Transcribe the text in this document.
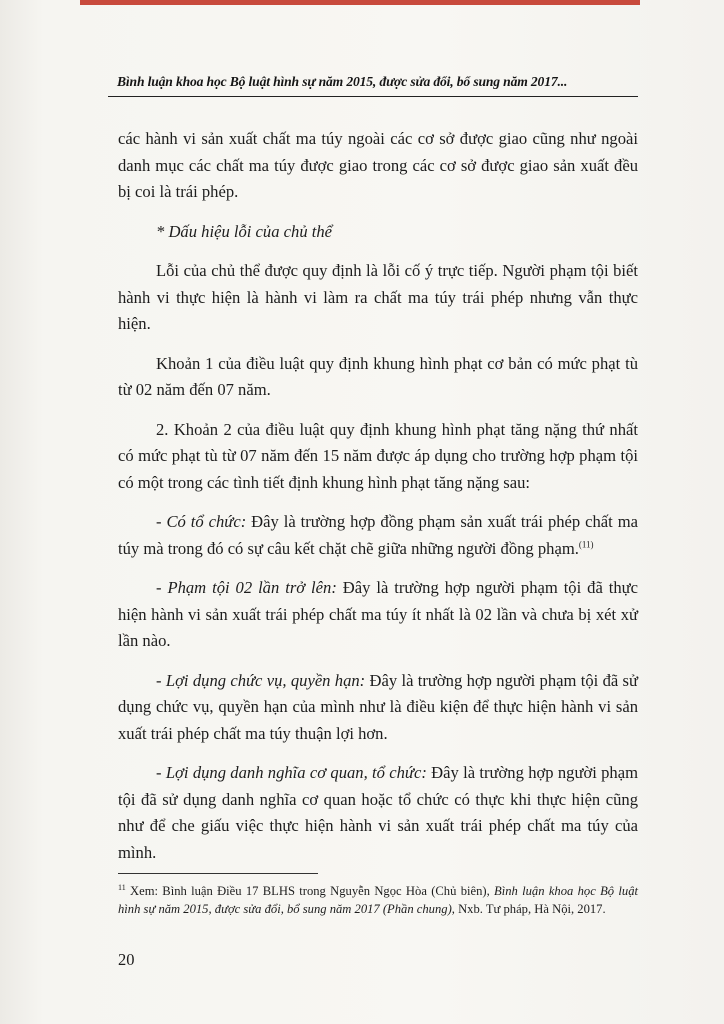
Bình luận khoa học Bộ luật hình sự năm 2015, được sửa đổi, bổ sung năm 2017...

các hành vi sản xuất chất ma túy ngoài các cơ sở được giao cũng như ngoài danh mục các chất ma túy được giao trong các cơ sở được giao sản xuất đều bị coi là trái phép.

* Dấu hiệu lỗi của chủ thể

Lỗi của chủ thể được quy định là lỗi cố ý trực tiếp. Người phạm tội biết hành vi thực hiện là hành vi làm ra chất ma túy trái phép nhưng vẫn thực hiện.

Khoản 1 của điều luật quy định khung hình phạt cơ bản có mức phạt tù từ 02 năm đến 07 năm.

2. Khoản 2 của điều luật quy định khung hình phạt tăng nặng thứ nhất có mức phạt tù từ 07 năm đến 15 năm được áp dụng cho trường hợp phạm tội có một trong các tình tiết định khung hình phạt tăng nặng sau:

- Có tổ chức: Đây là trường hợp đồng phạm sản xuất trái phép chất ma túy mà trong đó có sự câu kết chặt chẽ giữa những người đồng phạm.$^{(11)}$

- Phạm tội 02 lần trở lên: Đây là trường hợp người phạm tội đã thực hiện hành vi sản xuất trái phép chất ma túy ít nhất là 02 lần và chưa bị xét xử lần nào.

- Lợi dụng chức vụ, quyền hạn: Đây là trường hợp người phạm tội đã sử dụng chức vụ, quyền hạn của mình như là điều kiện để thực hiện hành vi sản xuất trái phép chất ma túy thuận lợi hơn.

- Lợi dụng danh nghĩa cơ quan, tổ chức: Đây là trường hợp người phạm tội đã sử dụng danh nghĩa cơ quan hoặc tổ chức có thực khi thực hiện cũng như để che giấu việc thực hiện hành vi sản xuất trái phép chất ma túy của mình.

$^{11}$ Xem: Bình luận Điều 17 BLHS trong Nguyễn Ngọc Hòa (Chủ biên), Bình luận khoa học Bộ luật hình sự năm 2015, được sửa đổi, bổ sung năm 2017 (Phần chung), Nxb. Tư pháp, Hà Nội, 2017.
20
